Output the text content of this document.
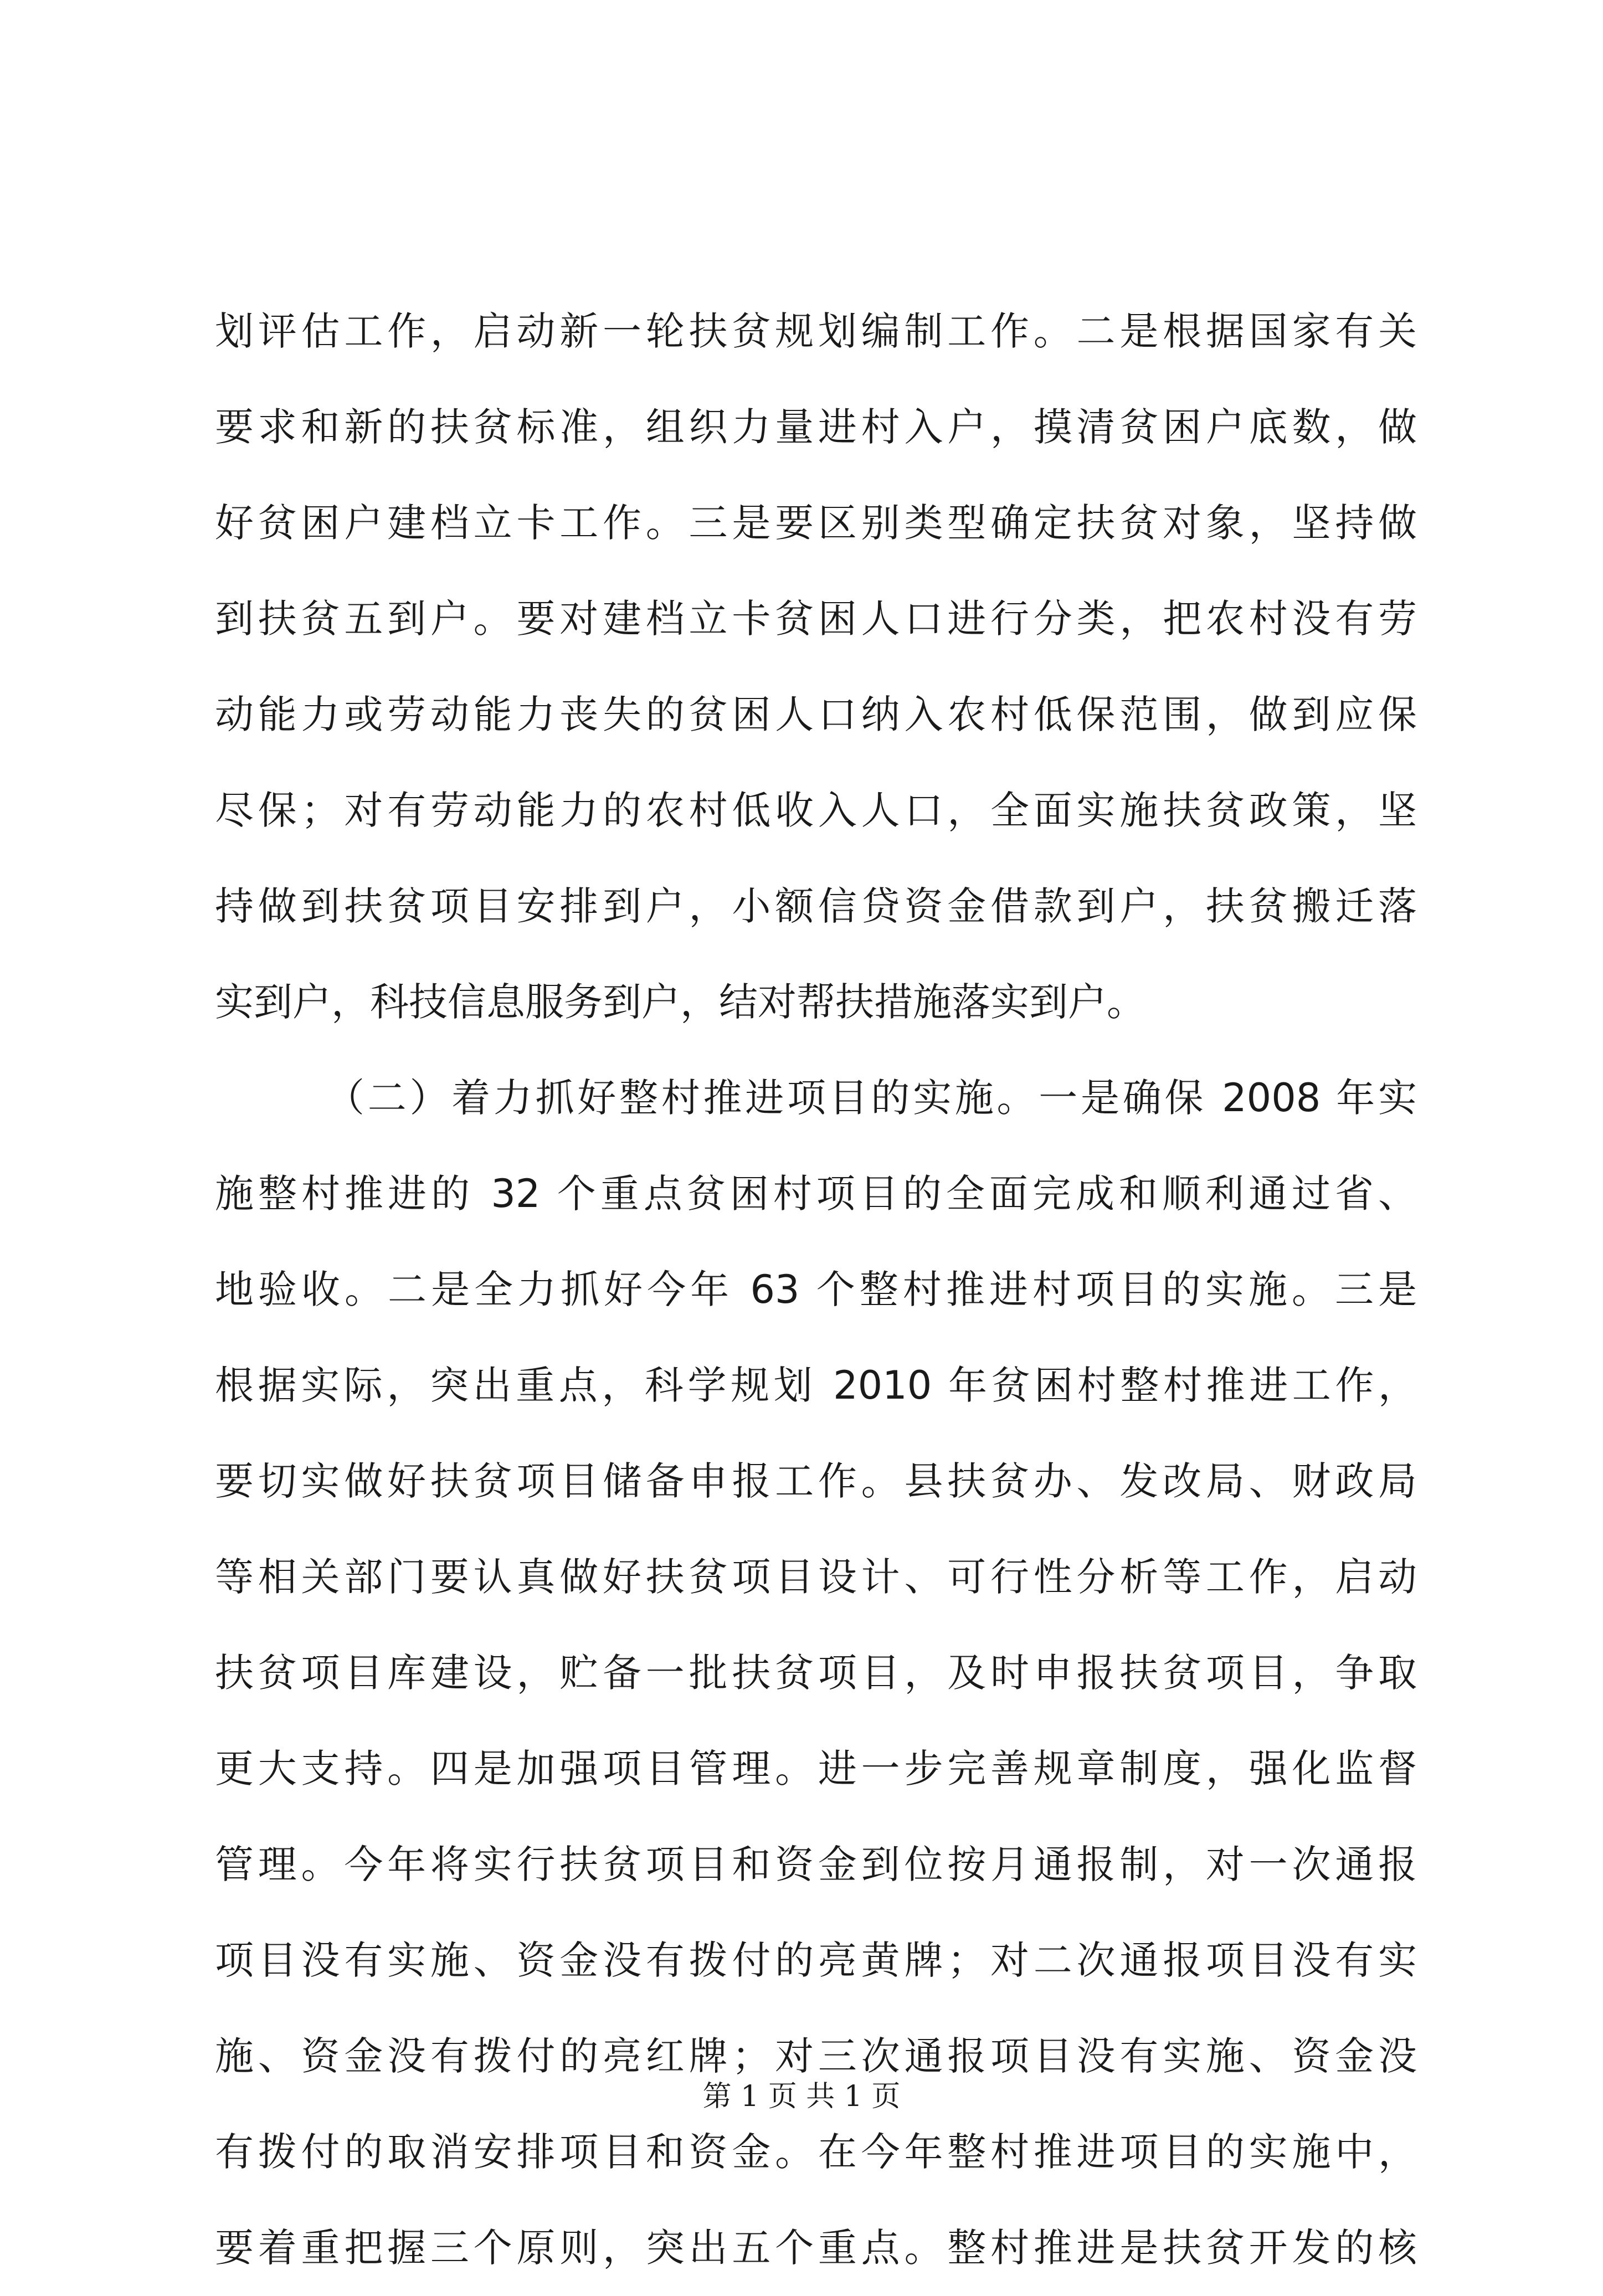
划评估工作，启动新一轮扶贫规划编制工作。二是根据国家有关
要求和新的扶贫标准，组织力量进村入户，摸清贫困户底数，做
好贫困户建档立卡工作。三是要区别类型确定扶贫对象，坚持做
到扶贫五到户。要对建档立卡贫困人口进行分类，把农村没有劳
动能力或劳动能力丧失的贫困人口纳入农村低保范围，做到应保
尽保；对有劳动能力的农村低收入人口，全面实施扶贫政策，坚
持做到扶贫项目安排到户，小额信贷资金借款到户，扶贫搬迁落
实到户，科技信息服务到户，结对帮扶措施落实到户。
（二）着力抓好整村推进项目的实施。一是确保 2008 年实
施整村推进的 32 个重点贫困村项目的全面完成和顺利通过省、
地验收。二是全力抓好今年 63 个整村推进村项目的实施。三是
根据实际，突出重点，科学规划 2010 年贫困村整村推进工作，
要切实做好扶贫项目储备申报工作。县扶贫办、发改局、财政局
等相关部门要认真做好扶贫项目设计、可行性分析等工作，启动
扶贫项目库建设，贮备一批扶贫项目，及时申报扶贫项目，争取
更大支持。四是加强项目管理。进一步完善规章制度，强化监督
管理。今年将实行扶贫项目和资金到位按月通报制，对一次通报
项目没有实施、资金没有拨付的亮黄牌；对二次通报项目没有实
施、资金没有拨付的亮红牌；对三次通报项目没有实施、资金没
有拨付的取消安排项目和资金。在今年整村推进项目的实施中，
要着重把握三个原则，突出五个重点。整村推进是扶贫开发的核
第 1 页 共 1 页
